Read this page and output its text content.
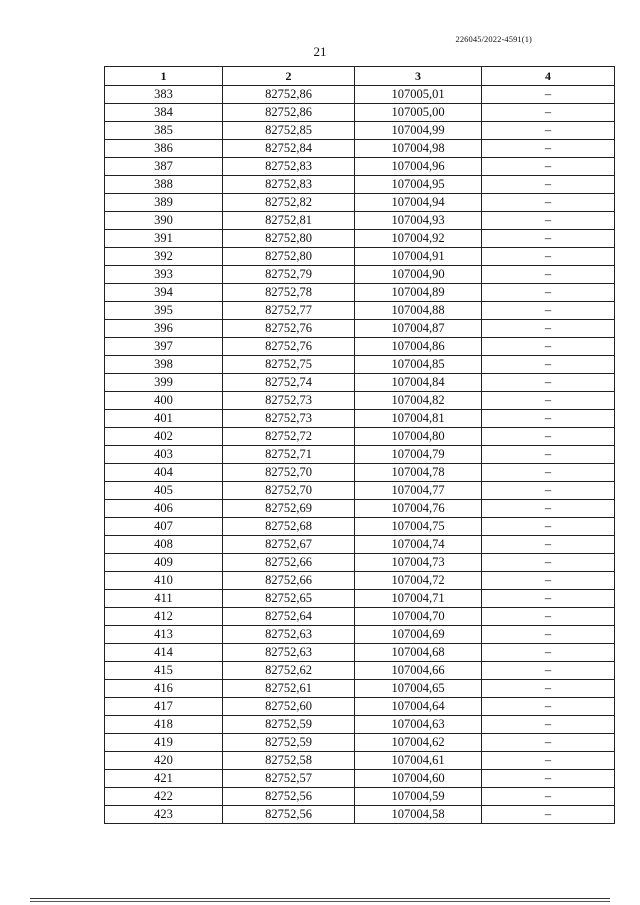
226045/2022-4591(1)
21
1	2	3	4
383	82752,86	107005,01	–
384	82752,86	107005,00	–
385	82752,85	107004,99	–
386	82752,84	107004,98	–
387	82752,83	107004,96	–
388	82752,83	107004,95	–
389	82752,82	107004,94	–
390	82752,81	107004,93	–
391	82752,80	107004,92	–
392	82752,80	107004,91	–
393	82752,79	107004,90	–
394	82752,78	107004,89	–
395	82752,77	107004,88	–
396	82752,76	107004,87	–
397	82752,76	107004,86	–
398	82752,75	107004,85	–
399	82752,74	107004,84	–
400	82752,73	107004,82	–
401	82752,73	107004,81	–
402	82752,72	107004,80	–
403	82752,71	107004,79	–
404	82752,70	107004,78	–
405	82752,70	107004,77	–
406	82752,69	107004,76	–
407	82752,68	107004,75	–
408	82752,67	107004,74	–
409	82752,66	107004,73	–
410	82752,66	107004,72	–
411	82752,65	107004,71	–
412	82752,64	107004,70	–
413	82752,63	107004,69	–
414	82752,63	107004,68	–
415	82752,62	107004,66	–
416	82752,61	107004,65	–
417	82752,60	107004,64	–
418	82752,59	107004,63	–
419	82752,59	107004,62	–
420	82752,58	107004,61	–
421	82752,57	107004,60	–
422	82752,56	107004,59	–
423	82752,56	107004,58	–
